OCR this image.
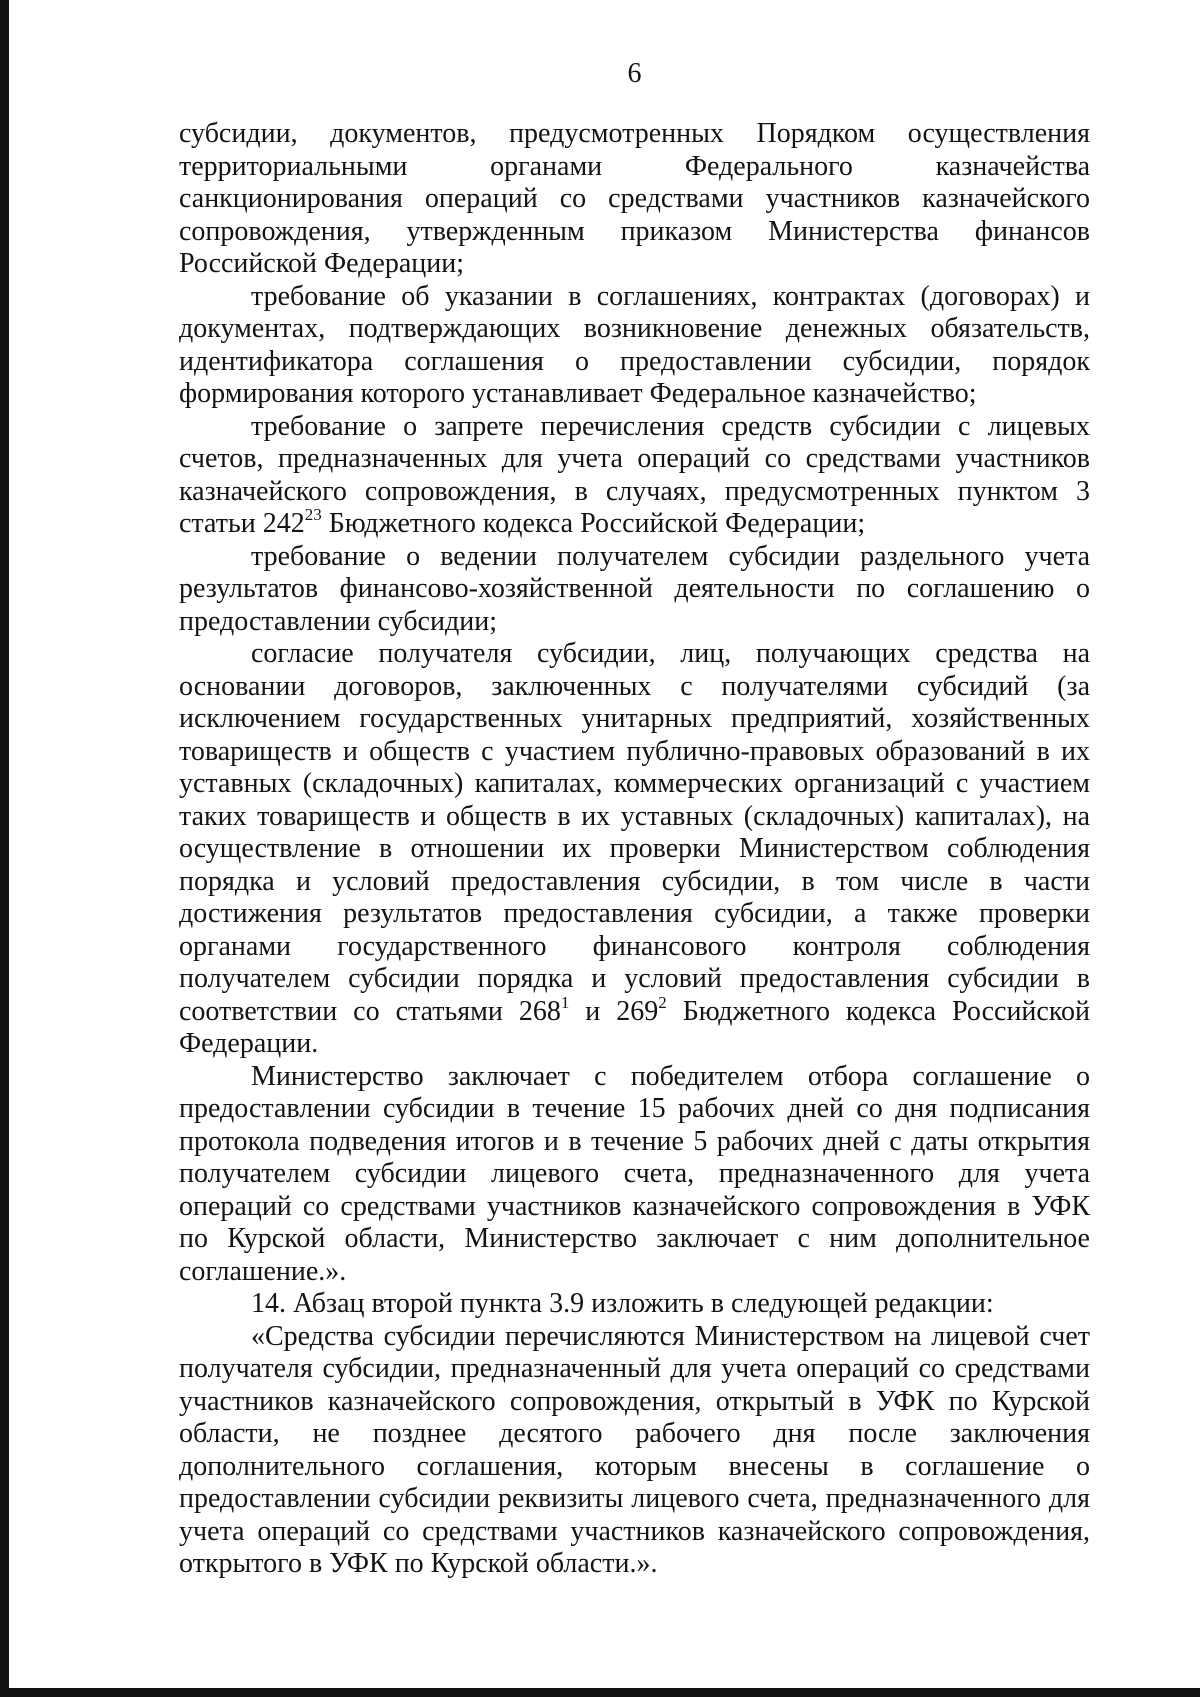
6

субсидии, документов, предусмотренных Порядком осуществления территориальными органами Федерального казначейства санкционирования операций со средствами участников казначейского сопровождения, утвержденным приказом Министерства финансов Российской Федерации;

требование об указании в соглашениях, контрактах (договорах) и документах, подтверждающих возникновение денежных обязательств, идентификатора соглашения о предоставлении субсидии, порядок формирования которого устанавливает Федеральное казначейство;

требование о запрете перечисления средств субсидии с лицевых счетов, предназначенных для учета операций со средствами участников казначейского сопровождения, в случаях, предусмотренных пунктом 3 статьи $242^{23}$ Бюджетного кодекса Российской Федерации;

требование о ведении получателем субсидии раздельного учета результатов финансово-хозяйственной деятельности по соглашению о предоставлении субсидии;

согласие получателя субсидии, лиц, получающих средства на основании договоров, заключенных с получателями субсидий (за исключением государственных унитарных предприятий, хозяйственных товариществ и обществ с участием публично-правовых образований в их уставных (складочных) капиталах, коммерческих организаций с участием таких товариществ и обществ в их уставных (складочных) капиталах), на осуществление в отношении их проверки Министерством соблюдения порядка и условий предоставления субсидии, в том числе в части достижения результатов предоставления субсидии, а также проверки органами государственного финансового контроля соблюдения получателем субсидии порядка и условий предоставления субсидии в соответствии со статьями $268^1$ и $269^2$ Бюджетного кодекса Российской Федерации.

Министерство заключает с победителем отбора соглашение о предоставлении субсидии в течение 15 рабочих дней со дня подписания протокола подведения итогов и в течение 5 рабочих дней с даты открытия получателем субсидии лицевого счета, предназначенного для учета операций со средствами участников казначейского сопровождения в УФК по Курской области, Министерство заключает с ним дополнительное соглашение.».

14. Абзац второй пункта 3.9 изложить в следующей редакции:

«Средства субсидии перечисляются Министерством на лицевой счет получателя субсидии, предназначенный для учета операций со средствами участников казначейского сопровождения, открытый в УФК по Курской области, не позднее десятого рабочего дня после заключения дополнительного соглашения, которым внесены в соглашение о предоставлении субсидии реквизиты лицевого счета, предназначенного для учета операций со средствами участников казначейского сопровождения, открытого в УФК по Курской области.».
